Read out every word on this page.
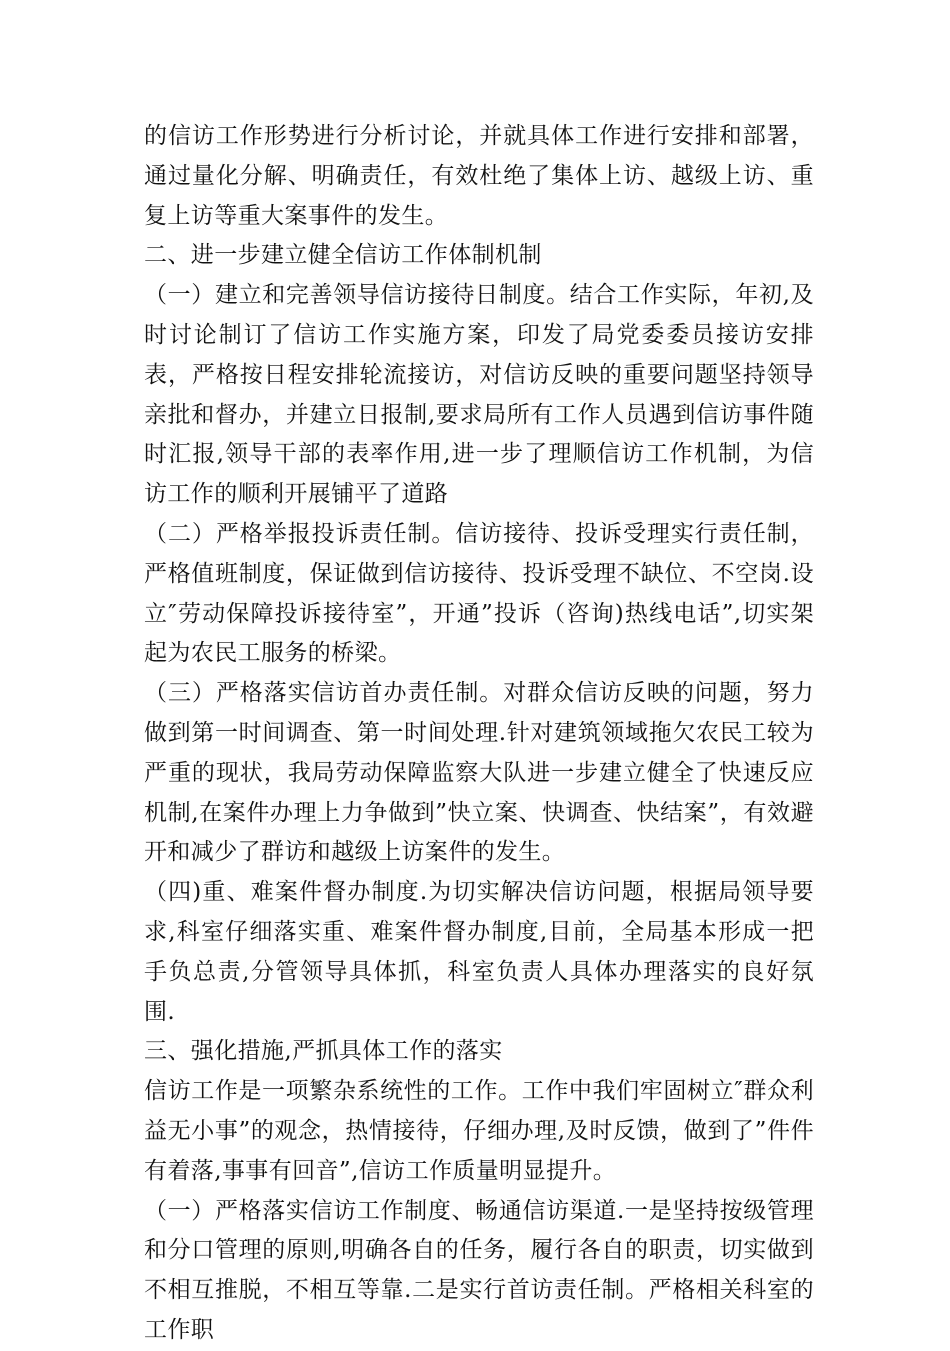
的信访工作形势进行分析讨论，并就具体工作进行安排和部署，通过量化分解、明确责任，有效杜绝了集体上访、越级上访、重复上访等重大案事件的发生。

二、进一步建立健全信访工作体制机制

（一）建立和完善领导信访接待日制度。结合工作实际，年初,及时讨论制订了信访工作实施方案，印发了局党委委员接访安排表，严格按日程安排轮流接访，对信访反映的重要问题坚持领导亲批和督办，并建立日报制,要求局所有工作人员遇到信访事件随时汇报,领导干部的表率作用,进一步了理顺信访工作机制，为信访工作的顺利开展铺平了道路

（二）严格举报投诉责任制。信访接待、投诉受理实行责任制，严格值班制度，保证做到信访接待、投诉受理不缺位、不空岗.设立″劳动保障投诉接待室”，开通”投诉（咨询)热线电话”,切实架起为农民工服务的桥梁。

（三）严格落实信访首办责任制。对群众信访反映的问题，努力做到第一时间调查、第一时间处理.针对建筑领域拖欠农民工较为严重的现状，我局劳动保障监察大队进一步建立健全了快速反应机制,在案件办理上力争做到”快立案、快调查、快结案”，有效避开和减少了群访和越级上访案件的发生。

（四)重、难案件督办制度.为切实解决信访问题，根据局领导要求,科室仔细落实重、难案件督办制度,目前，全局基本形成一把手负总责,分管领导具体抓，科室负责人具体办理落实的良好氛围.

三、强化措施,严抓具体工作的落实

信访工作是一项繁杂系统性的工作。工作中我们牢固树立″群众利益无小事”的观念，热情接待，仔细办理,及时反馈，做到了”件件有着落,事事有回音”,信访工作质量明显提升。

（一）严格落实信访工作制度、畅通信访渠道.一是坚持按级管理和分口管理的原则,明确各自的任务，履行各自的职责，切实做到不相互推脱，不相互等靠.二是实行首访责任制。严格相关科室的工作职
